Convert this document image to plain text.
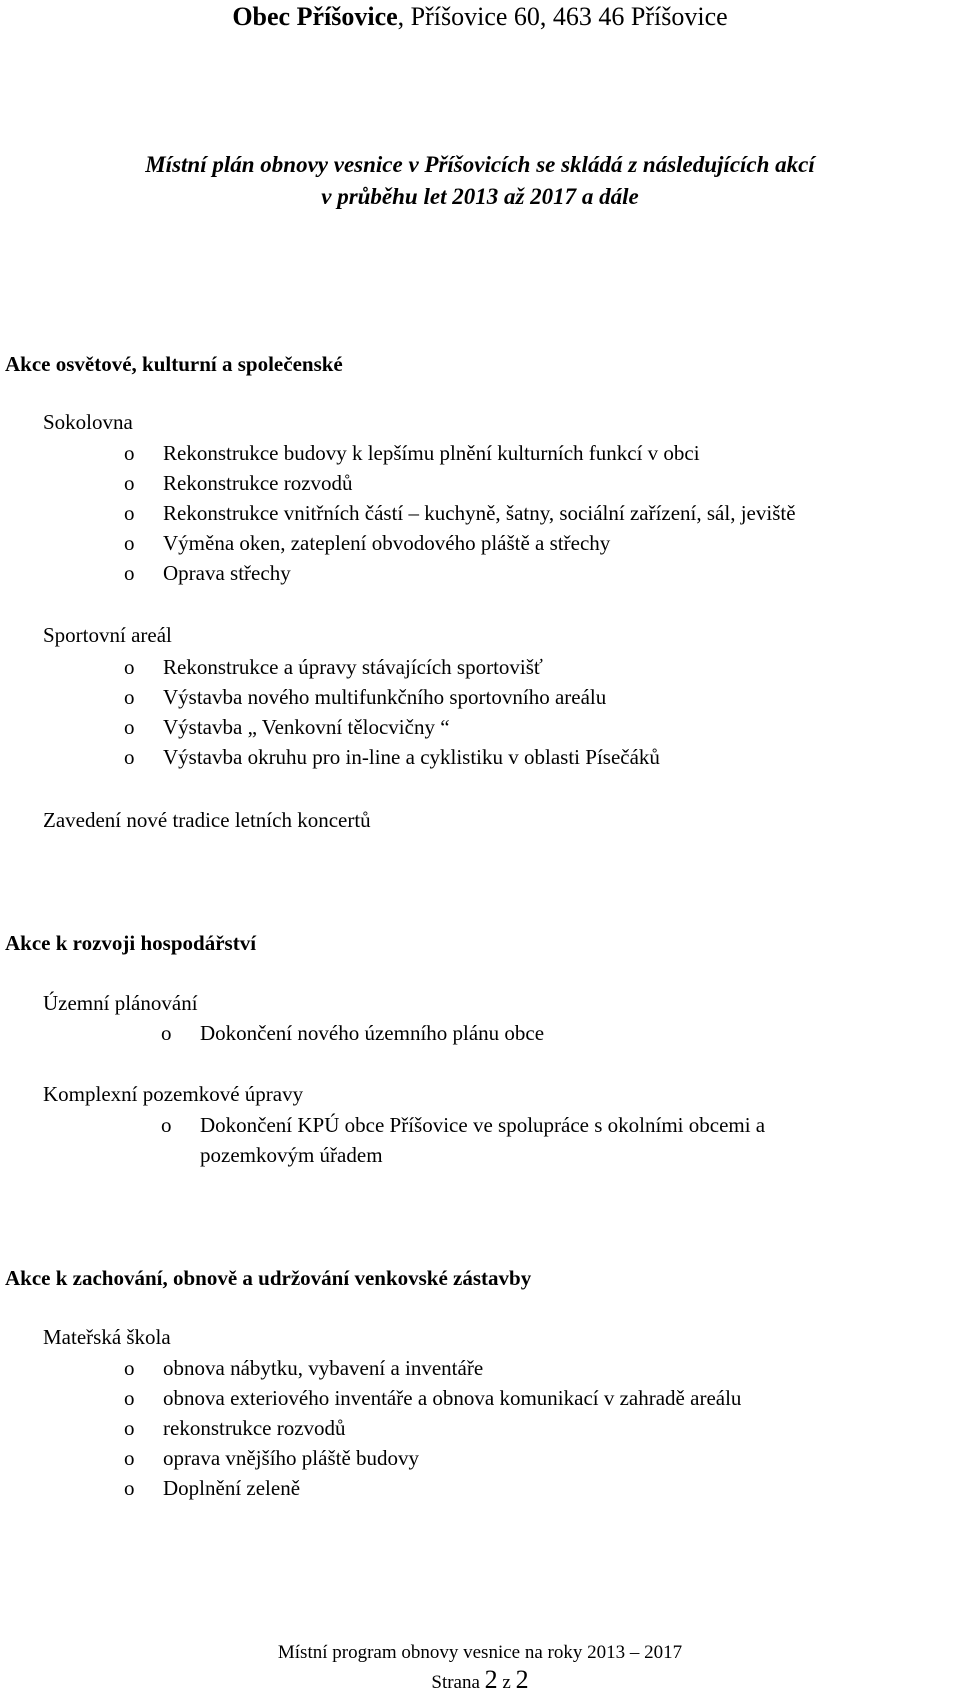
Obec Příšovice, Příšovice 60, 463 46 Příšovice
Místní plán obnovy vesnice v Příšovicích se skládá z následujících akcí
v průběhu let 2013 až 2017 a dále
Akce osvětové, kulturní a společenské
Sokolovna
o Rekonstrukce budovy k lepšímu plnění kulturních funkcí v obci
o Rekonstrukce rozvodů
o Rekonstrukce vnitřních částí – kuchyně, šatny, sociální zařízení, sál, jeviště
o Výměna oken, zateplení obvodového pláště a střechy
o Oprava střechy
Sportovní areál
o Rekonstrukce a úpravy stávajících sportovišť
o Výstavba nového multifunkčního sportovního areálu
o Výstavba „ Venkovní tělocvičny “
o Výstavba okruhu pro in-line a cyklistiku v oblasti Písečáků
Zavedení nové tradice letních koncertů
Akce k rozvoji hospodářství
Územní plánování
o Dokončení nového územního plánu obce
Komplexní pozemkové úpravy
o Dokončení KPÚ obce Příšovice ve spolupráce s okolními obcemi a
pozemkovým úřadem
Akce k zachování, obnově a udržování venkovské zástavby
Mateřská škola
o obnova nábytku, vybavení a inventáře
o obnova exteriového inventáře a obnova komunikací v zahradě areálu
o rekonstrukce rozvodů
o oprava vnějšího pláště budovy
o Doplnění zeleně
Místní program obnovy vesnice na roky 2013 – 2017
Strana 2 z 2
